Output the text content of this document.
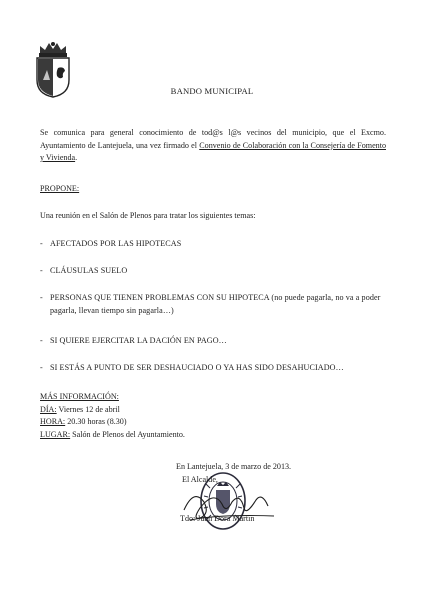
BANDO MUNICIPAL
Se comunica para general conocimiento de tod@s l@s vecinos del municipio, que el Excmo. Ayuntamiento de Lantejuela, una vez firmado el Convenio de Colaboración con la Consejería de Fomento y Vivienda.
PROPONE:
Una reunión en el Salón de Plenos para tratar los siguientes temas:
- AFECTADOS POR LAS HIPOTECAS
- CLÁUSULAS SUELO
- PERSONAS QUE TIENEN PROBLEMAS CON SU HIPOTECA (no puede pagarla, no va a poder pagarla, llevan tiempo sin pagarla…)
- SI QUIERE EJERCITAR LA DACIÓN EN PAGO…
- SI ESTÁS A PUNTO DE SER DESHAUCIADO O YA HAS SIDO DESAHUCIADO…
MÁS INFORMACIÓN:
DÍA: Viernes 12 de abril
HORA: 20.30 horas (8.30)
LUGAR: Salón de Plenos del Ayuntamiento.
En Lantejuela, 3 de marzo de 2013.
El Alcalde,
Tdo: Juan Dora Martín
